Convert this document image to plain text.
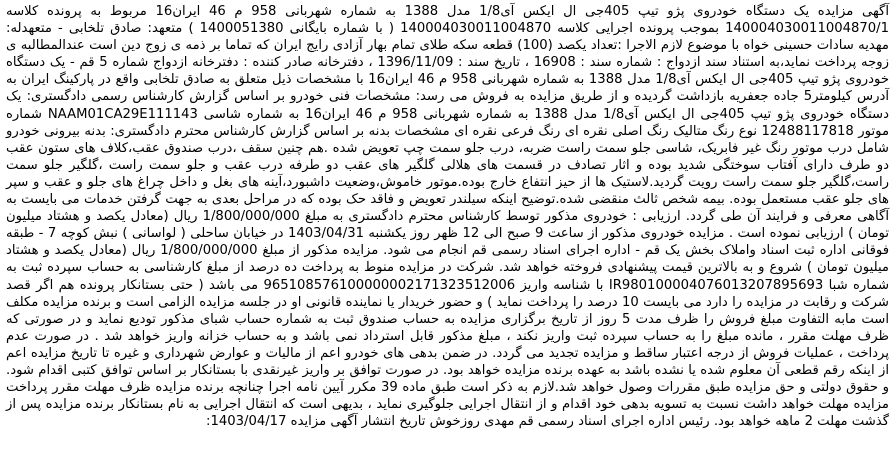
آگهی مزایده یک دستگاه خودروی پژو تیپ 405جی ال ایکس آی1/8 مدل 1388 به شماره شهربانی 958 م 46 ایران16 مربوط به پرونده کلاسه 140004030011004870/1 بموجب پرونده اجرایی کلاسه 140004030011004870 ( با شماره بایگانی 1400051380 ) متعهد: صادق تلخابی - متعهدله: مهدیه سادات حسینی خواه با موضوع لازم الاجرا :تعداد یکصد (100) قطعه سکه طلای تمام بهار آزادی رایج ایران که تماما بر ذمه ی زوج دین است عندالمطالبه ی زوجه پرداخت نماید،به استناد سند ازدواج : شماره سند : 16908 ، تاریخ سند : 1396/11/09 ، دفترخانه صادر کننده : دفترخانه ازدواج شماره 5 قم - یک دستگاه خودروی پژو تیپ 405جی ال ایکس آی1/8 مدل 1388 به شماره شهربانی 958 م 46 ایران16 با مشخصات ذیل متعلق به صادق تلخابی واقع در پارکینگ ایران به آدرس کیلومتر5 جاده جعفریه بازداشت گردیده و از طریق مزایده به فروش می رسد: مشخصات فنی خودرو بر اساس گزارش کارشناس رسمی دادگستری: یک دستگاه خودروی پژو تیپ 405جی ال ایکس آی1/8 مدل 1388 به شماره شهربانی 958 م 46 ایران16 به شماره شاسی NAAM01CA29E111143 شماره موتور 12488117818 نوع رنگ متالیک رنگ اصلی نقره ای رنگ فرعی نقره ای مشخصات بدنه بر اساس گزارش کارشناس محترم دادگستری: بدنه بیرونی خودرو شامل درب موتور رنگ غیر فابریک، شاسی جلو سمت راست ضربه، درب جلو سمت چپ تعویض شده .هم چنین سقف ،درب صندوق عقب،کلاف های ستون عقب دو طرف دارای آفتاب سوختگی شدید بوده و اثار تصادف در قسمت های هلالی گلگیر های عقب دو طرفه درب عقب و جلو سمت راست ،گلگیر جلو سمت راست،گلگیر جلو سمت راست رویت گردید.لاستیک ها از حیز انتفاع خارج بوده.موتور خاموش،وضعیت داشبورد،آینه های بغل و داخل چراغ های جلو و عقب و سپر های جلو عقب مستعمل بوده. بیمه شخص ثالث منقضی شده.توضیح اینکه سیلندر تعویض و فاقد حک بوده که در مراحل بعدی به جهت گرفتن خدمات می بایست به آگاهی معرفی و فرایند آن طی گردد. ارزیابی : خودروی مذکور توسط کارشناس محترم دادگستری به مبلغ 1/800/000/000 ریال (معادل یکصد و هشتاد میلیون تومان ) ارزیابی نموده است . مزایده خودروی مذکور از ساعت 9 صبح الی 12 ظهر روز یکشنبه 1403/04/31 در خیابان ساحلی ( لواسانی ) نبش کوچه 7 - طبقه فوقانی اداره ثبت اسناد واملاک بخش یک قم - اداره اجرای اسناد رسمی قم انجام می شود. مزایده مذکور از مبلغ 1/800/000/000 ریال (معادل یکصد و هشتاد میلیون تومان ) شروع و به بالاترین قیمت پیشنهادی فروخته خواهد شد. شرکت در مزایده منوط به پرداخت ده درصد از مبلغ کارشناسی به حساب سپرده ثبت به شماره شبا IR980100004076013207895693 با شناسه واریز 965108576100000002171323512006 می باشد ( حتی بستانکار پرونده هم اگر قصد شرکت و رقابت در مزایده را دارد می بایست 10 درصد را پرداخت نماید ) و حضور خریدار یا نماینده قانونی او در جلسه مزایده الزامی است و برنده مزایده مکلف است مابه التفاوت مبلغ فروش را ظرف مدت 5 روز از تاریخ برگزاری مزایده به حساب صندوق ثبت به شماره حساب شبای مذکور تودیع نماید و در صورتی که ظرف مهلت مقرر ، مانده مبلغ را به حساب سپرده ثبت واریز نکند ، مبلغ مذکور قابل استرداد نمی باشد و به حساب خزانه واریز خواهد شد . در صورت عدم پرداخت ، عملیات فروش از درجه اعتبار ساقط و مزایده تجدید می گردد. در ضمن بدهی های خودرو اعم از مالیات و عوارض شهرداری و غیره تا تاریخ مزایده اعم از اینکه رقم قطعی آن معلوم شده یا نشده باشد به عهده برنده مزایده خواهد بود. در صورت توافق بر واریز غیرنقدی با بستانکار بر اساس توافق کتبی اقدام شود. و حقوق دولتی و حق مزایده طبق مقررات وصول خواهد شد.لازم به ذکر است طبق ماده 39 مکرر آیین نامه اجرا چنانچه برنده مزایده ظرف مهلت مقرر پرداخت مزایده مهلت خواهد داشت نسبت به تسویه بدهی خود اقدام و از انتقال اجرایی جلوگیری نماید ، بدیهی است که انتقال اجرایی به نام بستانکار برنده مزایده پس از گذشت مهلت 2 ماهه خواهد بود. رئیس اداره اجرای اسناد رسمی قم مهدی روزخوش تاریخ انتشار آگهی مزایده 1403/04/17:
